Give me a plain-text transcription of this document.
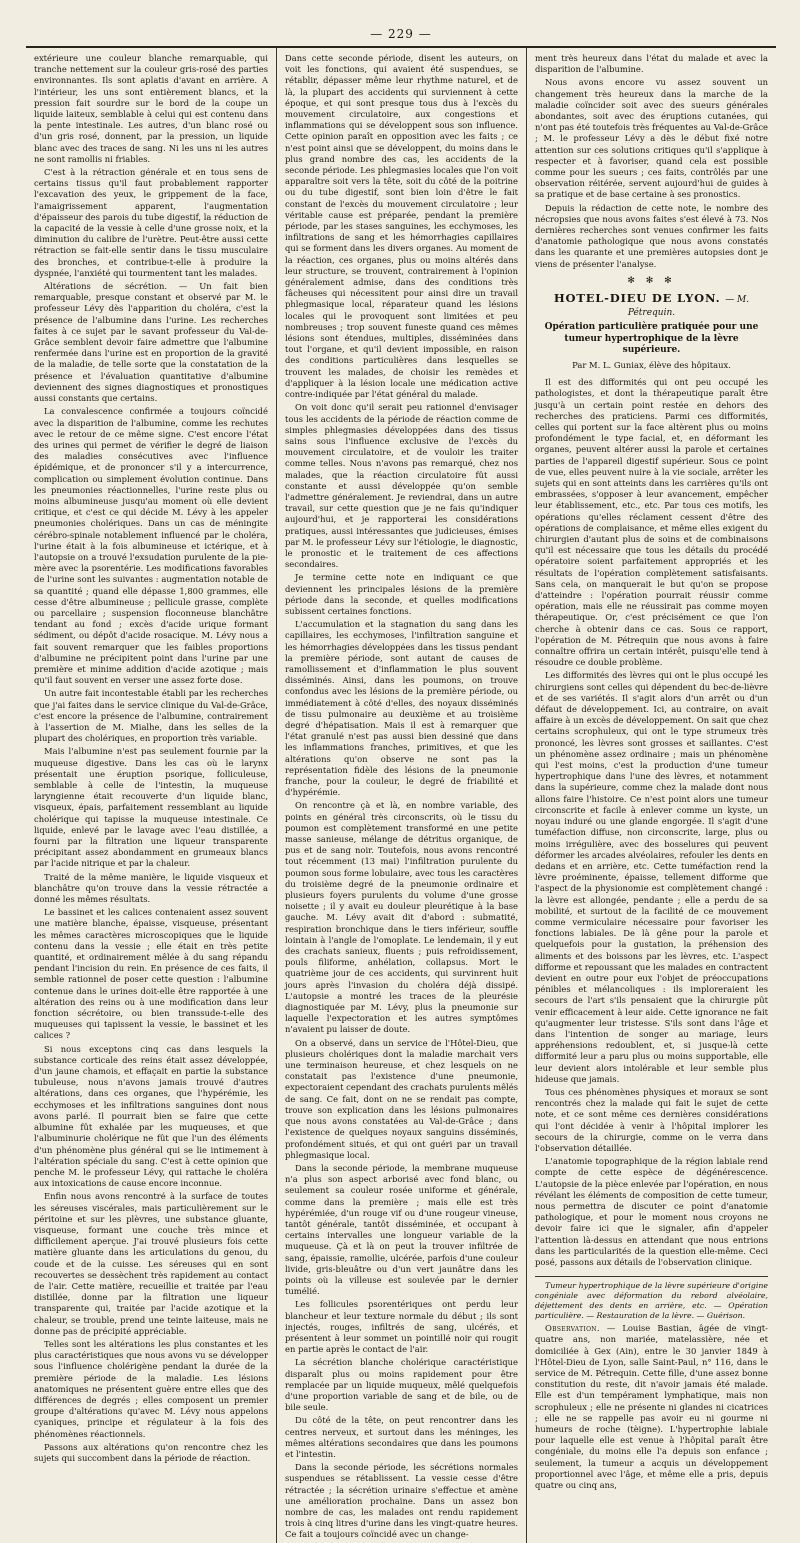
— 229 —

extérieure une couleur blanche remarquable, qui tranche nettement sur la couleur gris-rosé des parties environnantes. Ils sont aplatis d'avant en arrière. A l'intérieur, les uns sont entièrement blancs, et la pression fait sourdre sur le bord de la coupe un liquide laiteux, semblable à celui qui est contenu dans la pente intestinale. Les autres, d'un blanc rosé ou d'un gris rosé, donnent, par la pression, un liquide blanc avec des traces de sang. Ni les uns ni les autres ne sont ramollis ni friables.

C'est à la rétraction générale et en tous sens de certains tissus qu'il faut probablement rapporter l'excavation des yeux, le grippement de la face, l'amaigrissement apparent, l'augmentation d'épaisseur des parois du tube digestif, la réduction de la capacité de la vessie à celle d'une grosse noix, et la diminution du calibre de l'urètre. Peut-être aussi cette rétraction se fait-elle sentir dans le tissu musculaire des bronches, et contribue-t-elle à produire la dyspnée, l'anxiété qui tourmentent tant les malades.

Altérations de sécrétion. — Un fait bien remarquable, presque constant et observé par M. le professeur Lévy dès l'apparition du choléra, c'est la présence de l'albumine dans l'urine. Les recherches faites à ce sujet par le savant professeur du Val-de-Grâce semblent devoir faire admettre que l'albumine renfermée dans l'urine est en proportion de la gravité de la maladie, de telle sorte que la constatation de la présence et l'évaluation quantitative d'albumine deviennent des signes diagnostiques et pronostiques aussi constants que certains.

La convalescence confirmée a toujours coïncidé avec la disparition de l'albumine, comme les rechutes avec le retour de ce même signe. C'est encore l'état des urines qui permet de vérifier le degré de liaison des maladies consécutives avec l'influence épidémique, et de prononcer s'il y a intercurrence, complication ou simplement évolution continue. Dans les pneumonies réactionnelles, l'urine reste plus ou moins albumineuse jusqu'au moment où elle devient critique, et c'est ce qui décide M. Lévy à les appeler pneumonies cholériques. Dans un cas de méningite cérébro-spinale notablement influencé par le choléra, l'urine était à la fois albumineuse et ictérique, et à l'autopsie on a trouvé l'exsudation purulente de la pie-mère avec la psorentérie. Les modifications favorables de l'urine sont les suivantes : augmentation notable de sa quantité ; quand elle dépasse 1,800 grammes, elle cesse d'être albumineuse ; pellicule grasse, complète ou parcellaire ; suspension floconneuse blanchâtre tendant au fond ; excès d'acide urique formant sédiment, ou dépôt d'acide rosacique. M. Lévy nous a fait souvent remarquer que les faibles proportions d'albumine ne précipitent point dans l'urine par une première et minime addition d'acide azotique ; mais qu'il faut souvent en verser une assez forte dose.

Un autre fait incontestable établi par les recherches que j'ai faites dans le service clinique du Val-de-Grâce, c'est encore la présence de l'albumine, contrairement à l'assertion de M. Mialhe, dans les selles de la plupart des cholériques, en proportion très variable.

Mais l'albumine n'est pas seulement fournie par la muqueuse digestive. Dans les cas où le larynx présentait une éruption psorique, folliculeuse, semblable à celle de l'intestin, la muqueuse laryngienne était recouverte d'un liquide blanc, visqueux, épais, parfaitement ressemblant au liquide cholérique qui tapisse la muqueuse intestinale. Ce liquide, enlevé par le lavage avec l'eau distillée, a fourni par la filtration une liqueur transparente précipitant assez abondamment en grumeaux blancs par l'acide nitrique et par la chaleur.

Traité de la même manière, le liquide visqueux et blanchâtre qu'on trouve dans la vessie rétractée a donné les mêmes résultats.

Le bassinet et les calices contenaient assez souvent une matière blanche, épaisse, visqueuse, présentant les mêmes caractères microscopiques que le liquide contenu dans la vessie ; elle était en très petite quantité, et ordinairement mêlée à du sang répandu pendant l'incision du rein. En présence de ces faits, il semble rationnel de poser cette question : l'albumine contenue dans le urines doit-elle être rapportée à une altération des reins ou à une modification dans leur fonction sécrétoire, ou bien transsude-t-elle des muqueuses qui tapissent la vessie, le bassinet et les calices ?

Si nous exceptons cinq cas dans lesquels la substance corticale des reins était assez développée, d'un jaune chamois, et effaçait en partie la substance tubuleuse, nous n'avons jamais trouvé d'autres altérations, dans ces organes, que l'hypérémie, les ecchymoses et les infiltrations sanguines dont nous avons parlé. Il pourrait bien se faire que cette albumine fût exhalée par les muqueuses, et que l'albuminurie cholérique ne fût que l'un des éléments d'un phénomène plus général qui se lie intimement à l'altération spéciale du sang. C'est à cette opinion que penche M. le professeur Lévy, qui rattache le choléra aux intoxications de cause encore inconnue.

Enfin nous avons rencontré à la surface de toutes les séreuses viscérales, mais particulièrement sur le péritoine et sur les plèvres, une substance gluante, visqueuse, formant une couche très mince et difficilement aperçue. J'ai trouvé plusieurs fois cette matière gluante dans les articulations du genou, du coude et de la cuisse. Les séreuses qui en sont recouvertes se dessèchent très rapidement au contact de l'air. Cette matière, recueillie et traitée par l'eau distillée, donne par la filtration une liqueur transparente qui, traitée par l'acide azotique et la chaleur, se trouble, prend une teinte laiteuse, mais ne donne pas de précipité appréciable.

Telles sont les altérations les plus constantes et les plus caractéristiques que nous avons vu se développer sous l'influence cholérigène pendant la durée de la première période de la maladie. Les lésions anatomiques ne présentent guère entre elles que des différences de degrés ; elles composent un premier groupe d'altérations qu'avec M. Lévy nous appelons cyaniques, principe et régulateur à la fois des phénomènes réactionnels.

Passons aux altérations qu'on rencontre chez les sujets qui succombent dans la période de réaction.

Dans cette seconde période, disent les auteurs, on voit les fonctions, qui avaient été suspendues, se rétablir, dépasser même leur rhythme naturel, et de là, la plupart des accidents qui surviennent à cette époque, et qui sont presque tous dus à l'excès du mouvement circulatoire, aux congestions et inflammations qui se développent sous son influence. Cette opinion paraît en opposition avec les faits ; ce n'est point ainsi que se développent, du moins dans le plus grand nombre des cas, les accidents de la seconde période. Les phlegmasies locales que l'on voit apparaître soit vers la tête, soit du côté de la poitrine ou du tube digestif, sont bien loin d'être le fait constant de l'excès du mouvement circulatoire ; leur véritable cause est préparée, pendant la première période, par les stases sanguines, les ecchymoses, les infiltrations de sang et les hémorrhagies capillaires qui se forment dans les divers organes. Au moment de la réaction, ces organes, plus ou moins altérés dans leur structure, se trouvent, contrairement à l'opinion généralement admise, dans des conditions très fâcheuses qui nécessitent pour ainsi dire un travail phlegmasique local, réparateur quand les lésions locales qui le provoquent sont limitées et peu nombreuses ; trop souvent funeste quand ces mêmes lésions sont étendues, multiples, disséminées dans tout l'organe, et qu'il devient impossible, en raison des conditions particulières dans lesquelles se trouvent les malades, de choisir les remèdes et d'appliquer à la lésion locale une médication active contre-indiquée par l'état général du malade.

On voit donc qu'il serait peu rationnel d'envisager tous les accidents de la période de réaction comme de simples phlegmasies développées dans des tissus sains sous l'influence exclusive de l'excès du mouvement circulatoire, et de vouloir les traiter comme telles. Nous n'avons pas remarqué, chez nos malades, que la réaction circulatoire fût aussi constante et aussi développée qu'on semble l'admettre généralement. Je reviendrai, dans un autre travail, sur cette question que je ne fais qu'indiquer aujourd'hui, et je rapporterai les considérations pratiques, aussi intéressantes que judicieuses, émises par M. le professeur Lévy sur l'étiologie, le diagnostic, le pronostic et le traitement de ces affections secondaires.

Je termine cette note en indiquant ce que deviennent les principales lésions de la première période dans la seconde, et quelles modifications subissent certaines fonctions.

L'accumulation et la stagnation du sang dans les capillaires, les ecchymoses, l'infiltration sanguine et les hémorrhagies développées dans les tissus pendant la première période, sont autant de causes de ramollissement et d'inflammation le plus souvent disséminés. Ainsi, dans les poumons, on trouve confondus avec les lésions de la première période, ou immédiatement à côté d'elles, des noyaux disséminés de tissu pulmonaire au deuxième et au troisième degré d'hépatisation. Mais il est à remarquer que l'état granulé n'est pas aussi bien dessiné que dans les inflammations franches, primitives, et que les altérations qu'on observe ne sont pas la représentation fidèle des lésions de la pneumonie franche, pour la couleur, le degré de friabilité et d'hypérémie.

On rencontre çà et là, en nombre variable, des points en général très circonscrits, où le tissu du poumon est complètement transformé en une petite masse sanieuse, mélange de détritus organique, de pus et de sang noir. Toutefois, nous avons rencontré tout récemment (13 mai) l'infiltration purulente du poumon sous forme lobulaire, avec tous les caractères du troisième degré de la pneumonie ordinaire et plusieurs foyers purulents du volume d'une grosse noisette ; il y avait eu douleur pleurétique à la base gauche. M. Lévy avait dit d'abord : submatité, respiration bronchique dans le tiers inférieur, souffle lointain à l'angle de l'omoplate. Le lendemain, il y eut des crachats sanieux, fluents ; puis refroidissement, pouls filiforme, anhélation, collapsus. Mort le quatrième jour de ces accidents, qui survinrent huit jours après l'invasion du choléra déjà dissipé. L'autopsie a montré les traces de la pleurésie diagnostiquée par M. Lévy, plus la pneumonie sur laquelle l'expectoration et les autres symptômes n'avaient pu laisser de doute.

On a observé, dans un service de l'Hôtel-Dieu, que plusieurs cholériques dont la maladie marchait vers une terminaison heureuse, et chez lesquels on ne constatait pas l'existence d'une pneumonie, expectoraient cependant des crachats purulents mêlés de sang. Ce fait, dont on ne se rendait pas compte, trouve son explication dans les lésions pulmonaires que nous avons constatées au Val-de-Grâce ; dans l'existence de quelques noyaux sanguins disséminés, profondément situés, et qui ont guéri par un travail phlegmasique local.

Dans la seconde période, la membrane muqueuse n'a plus son aspect arborisé avec fond blanc, ou seulement sa couleur rosée uniforme et générale, comme dans la première ; mais elle est très hypérémiée, d'un rouge vif ou d'une rougeur vineuse, tantôt générale, tantôt disséminée, et occupant à certains intervalles une longueur variable de la muqueuse. Çà et là on peut la trouver infiltrée de sang, épaissie, ramollie, ulcérée, parfois d'une couleur livide, gris-bleuâtre ou d'un vert jaunâtre dans les points où la villeuse est soulevée par le dernier tumélié.

Les follicules psorentériques ont perdu leur blancheur et leur texture normale du début ; ils sont injectés, rouges, infiltrés de sang, ulcérés, et présentent à leur sommet un pointillé noir qui rougit en partie après le contact de l'air.

La sécrétion blanche cholérique caractéristique disparaît plus ou moins rapidement pour être remplacée par un liquide muqueux, mêlé quelquefois d'une proportion variable de sang et de bile, ou de bile seule.

Du côté de la tête, on peut rencontrer dans les centres nerveux, et surtout dans les méninges, les mêmes altérations secondaires que dans les poumons et l'intestin.

Dans la seconde période, les sécrétions normales suspendues se rétablissent. La vessie cesse d'être rétractée ; la sécrétion urinaire s'effectue et amène une amélioration prochaine. Dans un assez bon nombre de cas, les malades ont rendu rapidement trois à cinq litres d'urine dans les vingt-quatre heures. Ce fait a toujours coïncidé avec un change-

ment très heureux dans l'état du malade et avec la disparition de l'albumine.

Nous avons encore vu assez souvent un changement très heureux dans la marche de la maladie coïncider soit avec des sueurs générales abondantes, soit avec des éruptions cutanées, qui n'ont pas été toutefois très fréquentes au Val-de-Grâce ; M. le professeur Lévy a dès le début fixé notre attention sur ces solutions critiques qu'il s'applique à respecter et à favoriser, quand cela est possible comme pour les sueurs ; ces faits, contrôlés par une observation réitérée, servent aujourd'hui de guides à sa pratique et de base certaine à ses pronostics.

Depuis la rédaction de cette note, le nombre des nécropsies que nous avons faites s'est élevé à 73. Nos dernières recherches sont venues confirmer les faits d'anatomie pathologique que nous avons constatés dans les quarante et une premières autopsies dont je viens de présenter l'analyse.

✻ ✻ ✻
HOTEL-DIEU DE LYON. — M. Pétrequin.
Opération particulière pratiquée pour une tumeur hypertrophique de la lèvre supérieure.
Par M. L. Guniax, élève des hôpitaux.

Il est des difformités qui ont peu occupé les pathologistes, et dont la thérapeutique paraît être jusqu'à un certain point restée en dehors des recherches des praticiens. Parmi ces difformités, celles qui portent sur la face altèrent plus ou moins profondément le type facial, et, en déformant les organes, peuvent altérer aussi la parole et certaines parties de l'appareil digestif supérieur. Sous ce point de vue, elles peuvent nuire à la vie sociale, arrêter les sujets qui en sont atteints dans les carrières qu'ils ont embrassées, s'opposer à leur avancement, empêcher leur établissement, etc., etc. Par tous ces motifs, les opérations qu'elles réclament cessent d'être des opérations de complaisance, et même elles exigent du chirurgien d'autant plus de soins et de combinaisons qu'il est nécessaire que tous les détails du procédé opératoire soient parfaitement appropriés et les résultats de l'opération complètement satisfaisants. Sans cela, on manquerait le but qu'on se propose d'atteindre : l'opération pourrait réussir comme opération, mais elle ne réussirait pas comme moyen thérapeutique. Or, c'est précisément ce que l'on cherche à obtenir dans ce cas. Sous ce rapport, l'opération de M. Pétrequin que nous avons à faire connaître offrira un certain intérêt, puisqu'elle tend à résoudre ce double problème.

Les difformités des lèvres qui ont le plus occupé les chirurgiens sont celles qui dépendent du bec-de-lièvre et de ses variétés. Il s'agit alors d'un arrêt ou d'un défaut de développement. Ici, au contraire, on avait affaire à un excès de développement. On sait que chez certains scrophuleux, qui ont le type strumeux très prononcé, les lèvres sont grosses et saillantes. C'est un phénomène assez ordinaire ; mais un phénomène qui l'est moins, c'est la production d'une tumeur hypertrophique dans l'une des lèvres, et notamment dans la supérieure, comme chez la malade dont nous allons faire l'histoire. Ce n'est point alors une tumeur circonscrite et facile à enlever comme un kyste, un noyau induré ou une glande engorgée. Il s'agit d'une tuméfaction diffuse, non circonscrite, large, plus ou moins irrégulière, avec des bosselures qui peuvent déformer les arcades alvéolaires, refouler les dents en dedans et en arrière, etc. Cette tuméfaction rend la lèvre proéminente, épaisse, tellement difforme que l'aspect de la physionomie est complètement changé : la lèvre est allongée, pendante ; elle a perdu de sa mobilité, et surtout de la facilité de ce mouvement comme vermiculaire nécessaire pour favoriser les fonctions labiales. De là gêne pour la parole et quelquefois pour la gustation, la préhension des aliments et des boissons par les lèvres, etc. L'aspect difforme et repoussant que les malades en contractent devient en outre pour eux l'objet de préoccupations pénibles et mélancoliques : ils imploreraient les secours de l'art s'ils pensaient que la chirurgie pût venir efficacement à leur aide. Cette ignorance ne fait qu'augmenter leur tristesse. S'ils sont dans l'âge et dans l'intention de songer au mariage, leurs appréhensions redoublent, et, si jusque-là cette difformité leur a paru plus ou moins supportable, elle leur devient alors intolérable et leur semble plus hideuse que jamais.

Tous ces phénomènes physiques et moraux se sont rencontrés chez la malade qui fait le sujet de cette note, et ce sont même ces dernières considérations qui l'ont décidée à venir à l'hôpital implorer les secours de la chirurgie, comme on le verra dans l'observation détaillée.

L'anatomie topographique de la région labiale rend compte de cette espèce de dégénérescence. L'autopsie de la pièce enlevée par l'opération, en nous révélant les éléments de composition de cette tumeur, nous permettra de discuter ce point d'anatomie pathologique, et pour le moment nous croyons ne devoir faire ici que le signaler, afin d'appeler l'attention là-dessus en attendant que nous entrions dans les particularités de la question elle-même. Ceci posé, passons aux détails de l'observation clinique.

Tumeur hypertrophique de la lèvre supérieure d'origine congéniale avec déformation du rebord alvéolaire, déjettement des dents en arrière, etc. — Opération particulière. — Restauration de la lèvre. — Guérison.

Observation. — Louise Bastian, âgée de vingt-quatre ans, non mariée, matelassière, née et domiciliée à Gex (Ain), entre le 30 janvier 1849 à l'Hôtel-Dieu de Lyon, salle Saint-Paul, n° 116, dans le service de M. Pétrequin. Cette fille, d'une assez bonne constitution du reste, dit n'avoir jamais été malade. Elle est d'un tempérament lymphatique, mais non scrophuleux ; elle ne présente ni glandes ni cicatrices ; elle ne se rappelle pas avoir eu ni gourme ni humeurs de roche (tèigne). L'hypertrophie labiale pour laquelle elle est venue à l'hôpital paraît être congéniale, du moins elle l'a depuis son enfance ; seulement, la tumeur a acquis un développement proportionnel avec l'âge, et même elle a pris, depuis quatre ou cinq ans,
